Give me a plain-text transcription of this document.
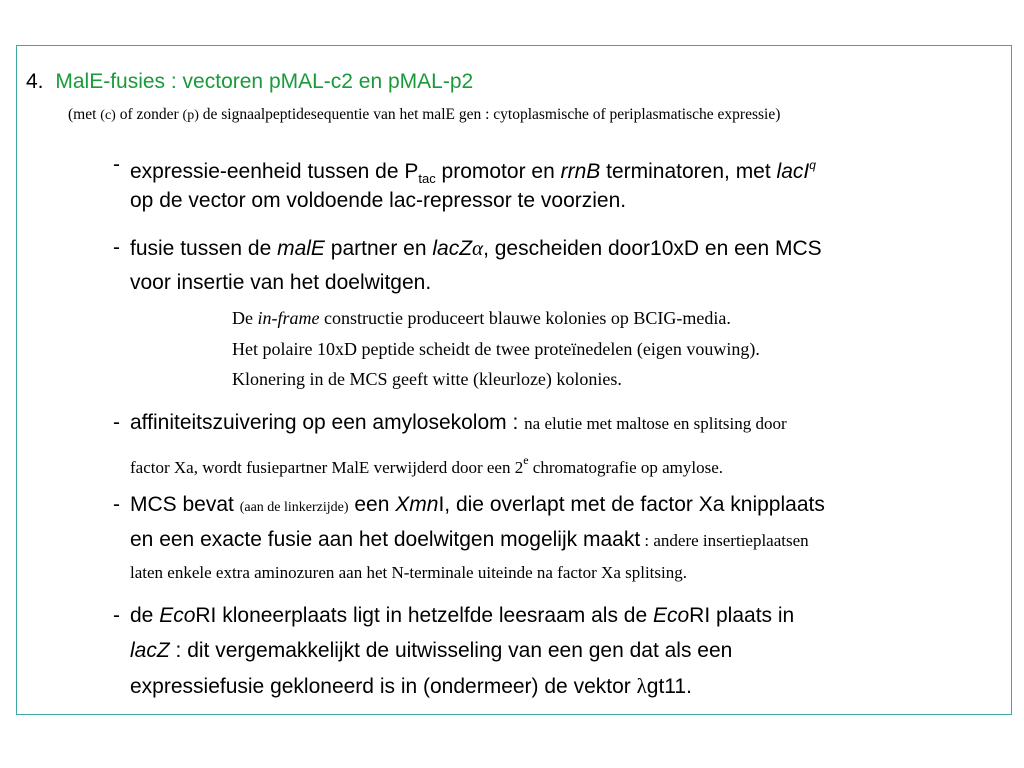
4. MalE-fusies : vectoren pMAL-c2 en pMAL-p2
(met (c) of zonder (p) de signaalpeptidesequentie van het malE gen : cytoplasmische of periplasmatische expressie)
- expressie-eenheid tussen de $P_{tac}$ promotor en rrnB terminatoren, met lacI$^q$
op de vector om voldoende lac-repressor te voorzien.
- fusie tussen de malE partner en lacZα, gescheiden door10xD en een MCS
voor insertie van het doelwitgen.
De in-frame constructie produceert blauwe kolonies op BCIG-media.
Het polaire 10xD peptide scheidt de twee proteïnedelen (eigen vouwing).
Klonering in de MCS geeft witte (kleurloze) kolonies.
- affiniteitszuivering op een amylosekolom : na elutie met maltose en splitsing door
factor Xa, wordt fusiepartner MalE verwijderd door een 2e chromatografie op amylose.
- MCS bevat (aan de linkerzijde) een XmnI, die overlapt met de factor Xa knipplaats
en een exacte fusie aan het doelwitgen mogelijk maakt : andere insertieplaatsen
laten enkele extra aminozuren aan het N-terminale uiteinde na factor Xa splitsing.
- de EcoRI kloneerplaats ligt in hetzelfde leesraam als de EcoRI plaats in
lacZ : dit vergemakkelijkt de uitwisseling van een gen dat als een
expressiefusie gekloneerd is in (ondermeer) de vektor λgt11.
